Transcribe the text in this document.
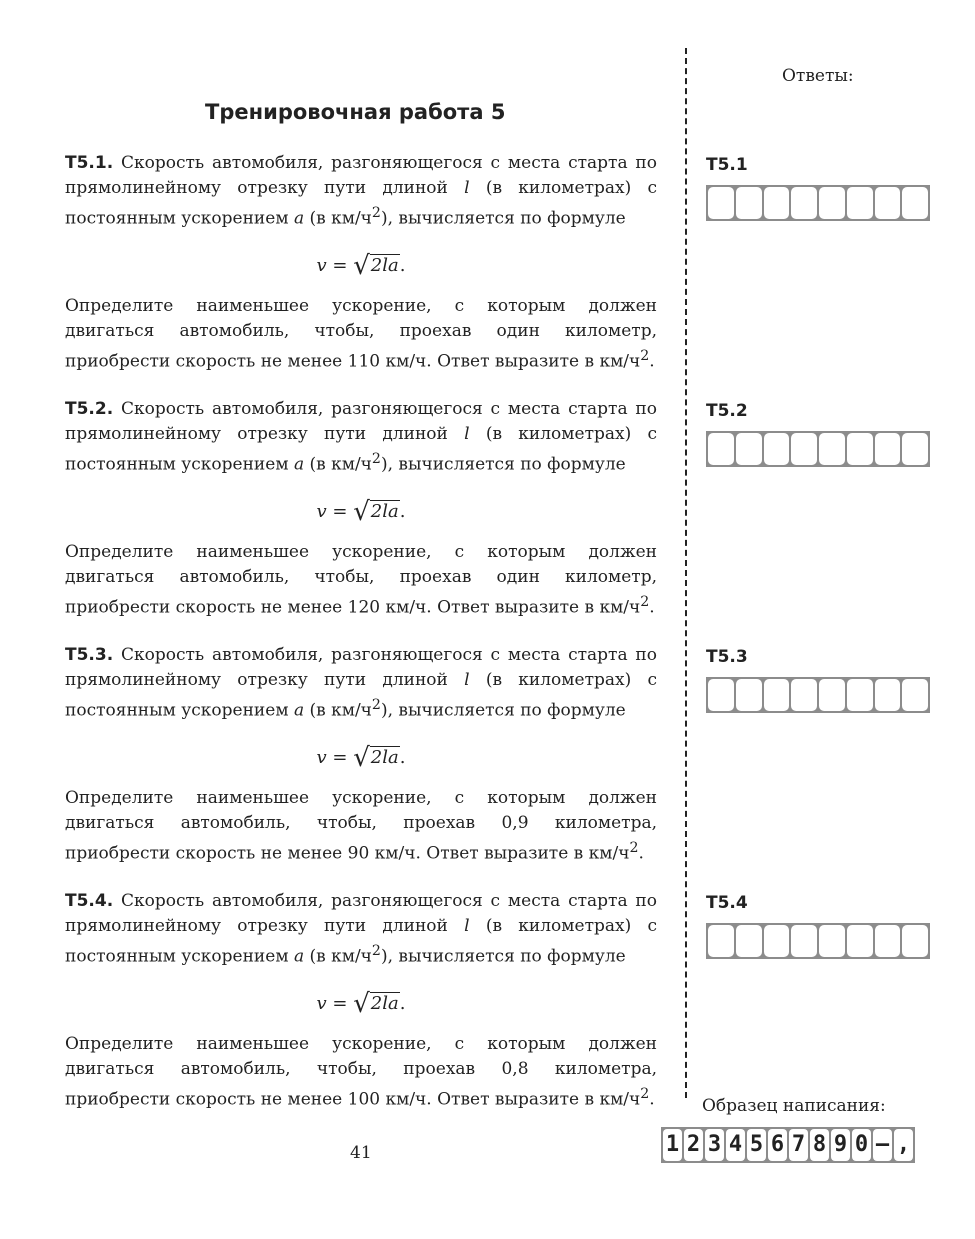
Тренировочная работа 5
Ответы:

Т5.1. Скорость автомобиля, разгоняющегося с места старта по прямолинейному отрезку пути длиной l (в километрах) с постоянным ускорением a (в $км/ч^2$), вычисляется по формуле

v = √2la.

Определите наименьшее ускорение, с которым должен двигаться автомобиль, чтобы, проехав один километр, приобрести скорость не менее 110 км/ч. Ответ выразите в $км/ч^2$.

Т5.2. Скорость автомобиля, разгоняющегося с места старта по прямолинейному отрезку пути длиной l (в километрах) с постоянным ускорением a (в $км/ч^2$), вычисляется по формуле

v = √2la.

Определите наименьшее ускорение, с которым должен двигаться автомобиль, чтобы, проехав один километр, приобрести скорость не менее 120 км/ч. Ответ выразите в $км/ч^2$.

Т5.3. Скорость автомобиля, разгоняющегося с места старта по прямолинейному отрезку пути длиной l (в километрах) с постоянным ускорением a (в $км/ч^2$), вычисляется по формуле

v = √2la.

Определите наименьшее ускорение, с которым должен двигаться автомобиль, чтобы, проехав 0,9 километра, приобрести скорость не менее 90 км/ч. Ответ выразите в $км/ч^2$.

Т5.4. Скорость автомобиля, разгоняющегося с места старта по прямолинейному отрезку пути длиной l (в километрах) с постоянным ускорением a (в $км/ч^2$), вычисляется по формуле

v = √2la.

Определите наименьшее ускорение, с которым должен двигаться автомобиль, чтобы, проехав 0,8 километра, приобрести скорость не менее 100 км/ч. Ответ выразите в $км/ч^2$.

Т5.1
Т5.2
Т5.3
Т5.4
Образец написания:
1 2 3 4 5 6 7 8 9 0 – ,
41
